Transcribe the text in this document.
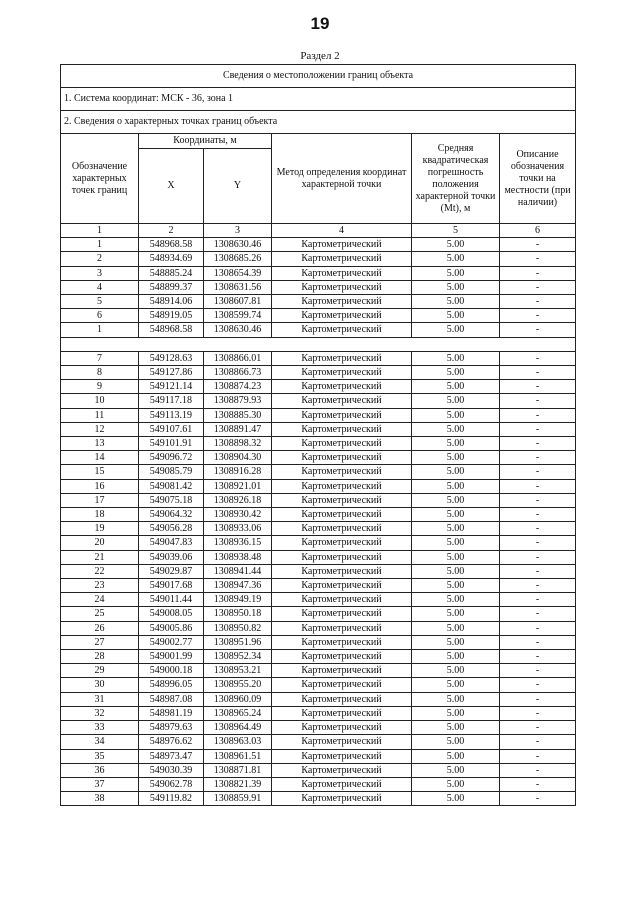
19
Раздел 2
Сведения о местоположении границ объекта					
1. Система координат: МСК - 36, зона 1					
2. Сведения о характерных точках границ объекта					
Обозначение характерных точек границ	Координаты, м		Метод определения координат характерной точки	Средняя квадратическая погрешность положения характерной точки (Mt), м	Описание обозначения точки на местности (при наличии)
	X	Y			
1	2	3	4	5	6
1	548968.58	1308630.46	Картометрический	5.00	-
2	548934.69	1308685.26	Картометрический	5.00	-
3	548885.24	1308654.39	Картометрический	5.00	-
4	548899.37	1308631.56	Картометрический	5.00	-
5	548914.06	1308607.81	Картометрический	5.00	-
6	548919.05	1308599.74	Картометрический	5.00	-
1	548968.58	1308630.46	Картометрический	5.00	-

7	549128.63	1308866.01	Картометрический	5.00	-
8	549127.86	1308866.73	Картометрический	5.00	-
9	549121.14	1308874.23	Картометрический	5.00	-
10	549117.18	1308879.93	Картометрический	5.00	-
11	549113.19	1308885.30	Картометрический	5.00	-
12	549107.61	1308891.47	Картометрический	5.00	-
13	549101.91	1308898.32	Картометрический	5.00	-
14	549096.72	1308904.30	Картометрический	5.00	-
15	549085.79	1308916.28	Картометрический	5.00	-
16	549081.42	1308921.01	Картометрический	5.00	-
17	549075.18	1308926.18	Картометрический	5.00	-
18	549064.32	1308930.42	Картометрический	5.00	-
19	549056.28	1308933.06	Картометрический	5.00	-
20	549047.83	1308936.15	Картометрический	5.00	-
21	549039.06	1308938.48	Картометрический	5.00	-
22	549029.87	1308941.44	Картометрический	5.00	-
23	549017.68	1308947.36	Картометрический	5.00	-
24	549011.44	1308949.19	Картометрический	5.00	-
25	549008.05	1308950.18	Картометрический	5.00	-
26	549005.86	1308950.82	Картометрический	5.00	-
27	549002.77	1308951.96	Картометрический	5.00	-
28	549001.99	1308952.34	Картометрический	5.00	-
29	549000.18	1308953.21	Картометрический	5.00	-
30	548996.05	1308955.20	Картометрический	5.00	-
31	548987.08	1308960.09	Картометрический	5.00	-
32	548981.19	1308965.24	Картометрический	5.00	-
33	548979.63	1308964.49	Картометрический	5.00	-
34	548976.62	1308963.03	Картометрический	5.00	-
35	548973.47	1308961.51	Картометрический	5.00	-
36	549030.39	1308871.81	Картометрический	5.00	-
37	549062.78	1308821.39	Картометрический	5.00	-
38	549119.82	1308859.91	Картометрический	5.00	-
